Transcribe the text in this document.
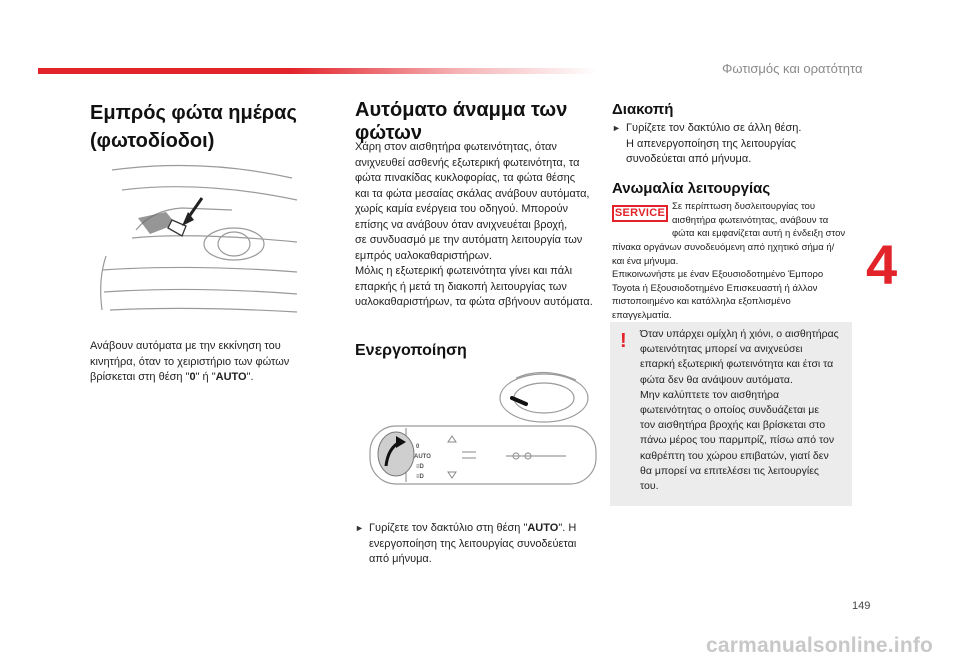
Φωτισμός και ορατότητα
Εμπρός φώτα ημέρας
(φωτοδίοδοι)
Ανάβουν αυτόματα με την εκκίνηση του
κινητήρα, όταν το χειριστήριο των φώτων
βρίσκεται στη θέση "0" ή "AUTO".
Αυτόματο άναμμα των
φώτων
Χάρη στον αισθητήρα φωτεινότητας, όταν
ανιχνευθεί ασθενής εξωτερική φωτεινότητα, τα
φώτα πινακίδας κυκλοφορίας, τα φώτα θέσης
και τα φώτα μεσαίας σκάλας ανάβουν αυτόματα,
χωρίς καμία ενέργεια του οδηγού. Μπορούν
επίσης να ανάβουν όταν ανιχνευέται βροχή,
σε συνδυασμό με την αυτόματη λειτουργία των
εμπρός υαλοκαθαριστήρων.
Μόλις η εξωτερική φωτεινότητα γίνει και πάλι
επαρκής ή μετά τη διακοπή λειτουργίας των
υαλοκαθαριστήρων, τα φώτα σβήνουν αυτόματα.
Ενεργοποίηση
0
AUTO
≡D
≡D
► Γυρίζετε τον δακτύλιο στη θέση "AUTO". Η
ενεργοποίηση της λειτουργίας συνοδεύεται
από μήνυμα.
Διακοπή
► Γυρίζετε τον δακτύλιο σε άλλη θέση.
Η απενεργοποίηση της λειτουργίας
συνοδεύεται από μήνυμα.
Ανωμαλία λειτουργίας
SERVICE
Σε περίπτωση δυσλειτουργίας του
αισθητήρα φωτεινότητας, ανάβουν τα
φώτα και εμφανίζεται αυτή η ένδειξη στον
πίνακα οργάνων συνοδευόμενη από ηχητικό σήμα ή/
και ένα μήνυμα.
Επικοινωνήστε με έναν Εξουσιοδοτημένο Έμπορο
Toyota ή Εξουσιοδοτημένο Επισκευαστή ή άλλον
πιστοποιημένο και κατάλληλα εξοπλισμένο
επαγγελματία.
! Όταν υπάρχει ομίχλη ή χιόνι, ο αισθητήρας
φωτεινότητας μπορεί να ανιχνεύσει
επαρκή εξωτερική φωτεινότητα και έτσι τα
φώτα δεν θα ανάψουν αυτόματα.
Μην καλύπτετε τον αισθητήρα
φωτεινότητας ο οποίος συνδυάζεται με
τον αισθητήρα βροχής και βρίσκεται στο
πάνω μέρος του παρμπρίζ, πίσω από τον
καθρέπτη του χώρου επιβατών, γιατί δεν
θα μπορεί να επιτελέσει τις λειτουργίες
του.
4
149
carmanualsonline.info
